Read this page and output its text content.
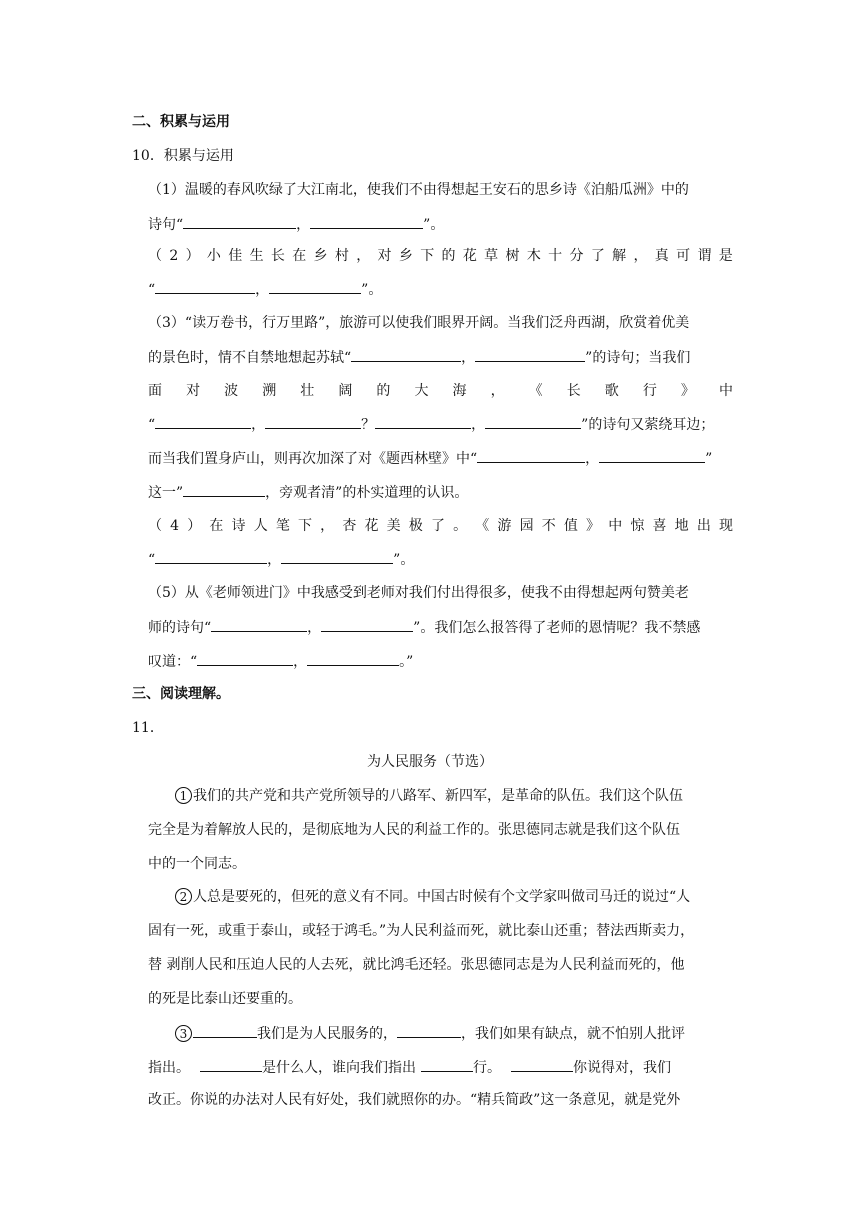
二、积累与运用
10．积累与运用
（1）温暖的春风吹绿了大江南北，使我们不由得想起王安石的思乡诗《泊船瓜洲》中的
诗句“	，	”。
（ 2 ） 小 佳 生 长 在 乡 村 ， 对 乡 下 的 花 草 树 木 十 分 了 解 ， 真 可 谓 是
“	，	”。
（3）“读万卷书，行万里路”，旅游可以使我们眼界开阔。当我们泛舟西湖，欣赏着优美
的景色时，情不自禁地想起苏轼“	，	”的诗句；当我们
面 对 波 溯 壮 阔 的 大 海 ， 《 长 歌 行 》 中
“	，	？	，	”的诗句又萦绕耳边；
而当我们置身庐山，则再次加深了对《题西林壁》中“	，	”
这一”	，旁观者清”的朴实道理的认识。
（ 4 ） 在 诗 人 笔 下 ， 杏 花 美 极 了 。 《 游 园 不 值 》 中 惊 喜 地 出 现
“	，	”。
（5）从《老师领进门》中我感受到老师对我们付出得很多，使我不由得想起两句赞美老
师的诗句“	，	”。我们怎么报答得了老师的恩情呢？我不禁感
叹道：“	，	。”
三、阅读理解。
11．
为人民服务（节选）
1 我们的共产党和共产党所领导的八路军、新四军，是革命的队伍。我们这个队伍
完全是为着解放人民的，是彻底地为人民的利益工作的。张思德同志就是我们这个队伍
中的一个同志。
2 人总是要死的，但死的意义有不同。中国古时候有个文学家叫做司马迁的说过“人
固有一死，或重于泰山，或轻于鸿毛。”为人民利益而死，就比泰山还重；替法西斯卖力，
替 剥削人民和压迫人民的人去死，就比鸿毛还轻。张思德同志是为人民利益而死的，他
的死是比泰山还要重的。
3	我们是为人民服务的，	，我们如果有缺点，就不怕别人批评
指出。	是什么人，谁向我们指出	行。	你说得对，我们
改正。你说的办法对人民有好处，我们就照你的办。“精兵简政”这一条意见，就是党外
